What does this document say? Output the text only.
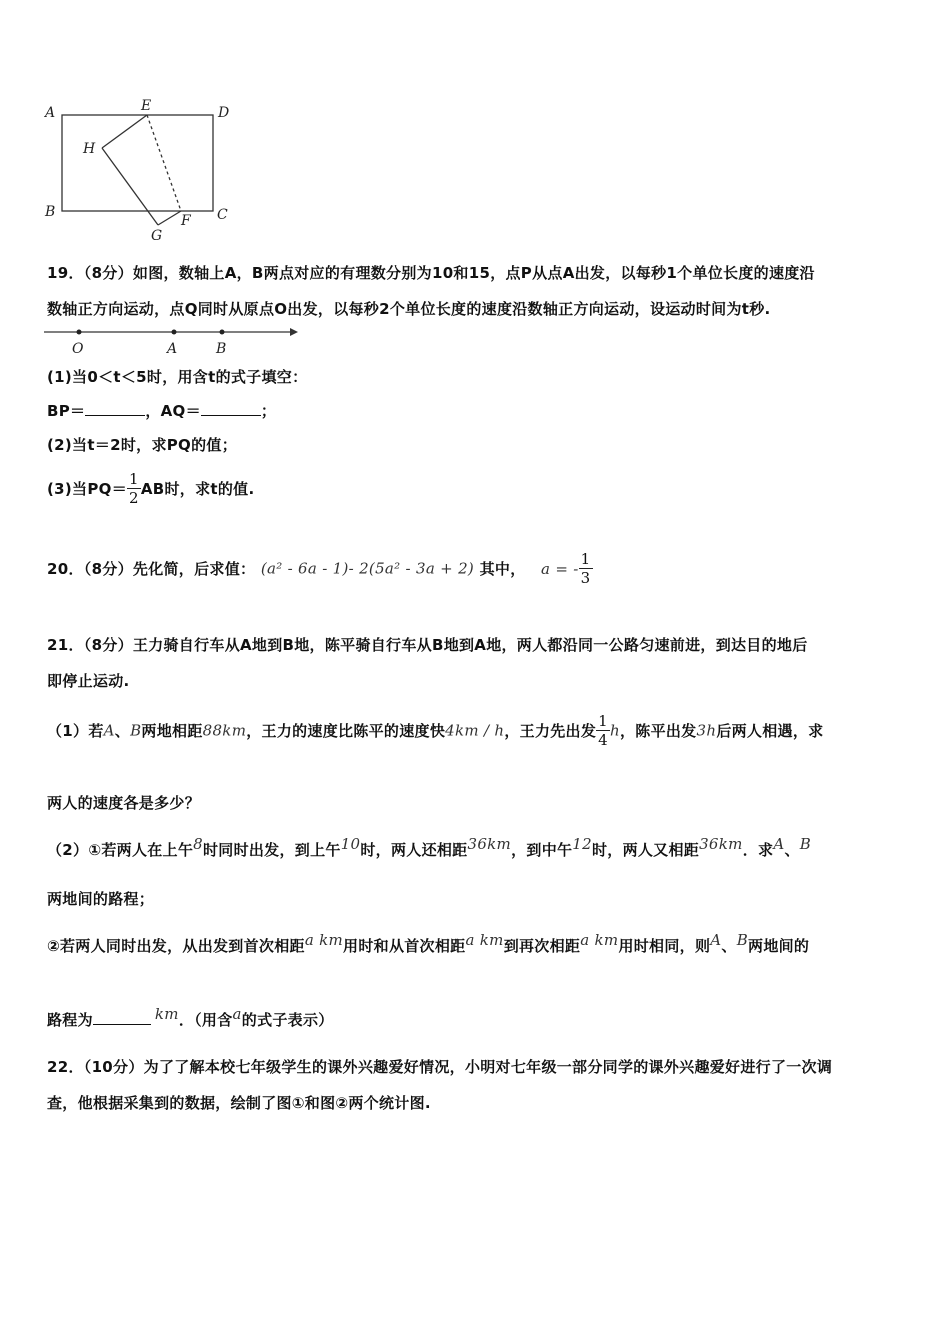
A	E	D
H
B
F C
G
19．（8分）如图，数轴上A，B两点对应的有理数分别为10和15，点P从点A出发，以每秒1个单位长度的速度沿
数轴正方向运动，点Q同时从原点O出发，以每秒2个单位长度的速度沿数轴正方向运动，设运动时间为t秒.
O	A	B
(1)当0＜t＜5时，用含t的式子填空：
BP＝	，AQ＝	；
(2)当t＝2时，求PQ的值；
(3)当$PQ= \frac{1}{2}$ AB时，求t的值.
20．（8分）先化简，后求值： (a² - 6a - 1)- 2(5a² - 3a + 2) 其中， a = - $\frac{1}{3}$
21．（8分）王力骑自行车从A地到B地，陈平骑自行车从B地到A地，两人都沿同一公路匀速前进，到达目的地后
即停止运动.
（1）若A、B两地相距88km，王力的速度比陈平的速度快4km / h，王力先出发 $\frac{1}{4}$ h，陈平出发3h后两人相遇，求
两人的速度各是多少？
（2）①若两人在上午$^8$时同时出发，到上午$^{10}$时，两人还相距$^{36km}$，到中午$^{12}$时，两人又相距$^{36km}$．求$^A$、$^B$
两地间的路程；
②若两人同时出发，从出发到首次相距$^{a km}$用时和从首次相距$^{a km}$到再次相距$^{a km}$用时相同，则$^A$、$^B$两地间的
路程为	$^{km}$．（用含$^a$的式子表示）
22．（10分）为了了解本校七年级学生的课外兴趣爱好情况，小明对七年级一部分同学的课外兴趣爱好进行了一次调
查，他根据采集到的数据，绘制了图①和图②两个统计图.
